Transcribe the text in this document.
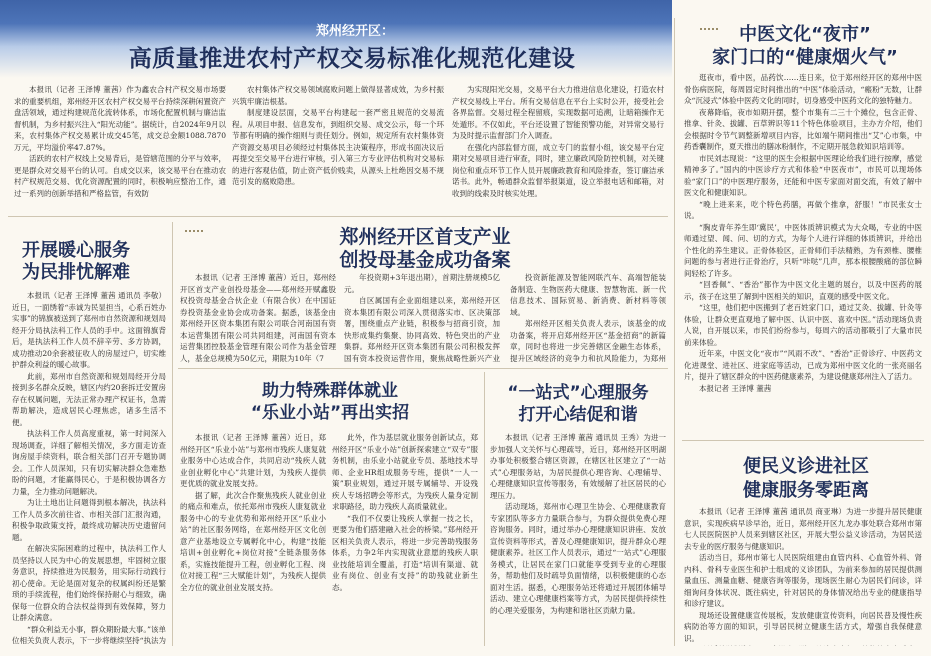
郑州经开区：
高质量推进农村产权交易标准化规范化建设

本报讯（记者 王泽博 董茜）作为鑫农合村产权交易市场要求的重要机组，郑州经开区农村产权交易平台持续深耕闲置资产盘活领域，通过构建规范化流转体系，市场化配置机制与廉洁监督机制，为乡村振兴注入“阳光动能”。据统计，自2024年9月以来，农村集体产权交易累计成交45笔，成交总金额1088.7870万元，平均溢价率47.87%。

活跃的农村产权线上交易背后，是管辖范围的分平与效率，更是群众对交易平台的认可。自成交以来，该交易平台在推动农村产权规范交易、优化资源配置的同时，积极响应整治工作，通过一系列的创新举措和严格监管，有效防

农村集体产权交易领域腐败问题上做得显著成效，为乡村振兴筑牢廉洁根基。

制度建设层面，交易平台构建起一套严密且规范的交易流程。从项目申报、信息发布，到组织交易、成交公示，每一个环节都有明确的操作细则与责任划分。例如，规定所有农村集体资产资源交易项目必须经过村集体民主决策程序，形成书面决议后再提交至交易平台进行审核，引入第三方专业评估机构对交易标的进行客观估值，防止资产低价贱卖，从源头上杜绝因交易不规范引发的腐败隐患。

为实现阳光交易，交易平台大力推进信息化建设，打造农村产权交易线上平台。所有交易信息在平台上实时公开，接受社会各界监督。交易过程全程留痕，实现数据可追溯，让暗箱操作无处遁形。不仅如此，平台还设置了智能预警功能，对异常交易行为及时提示监督部门介入调查。

在强化内部监督方面，成立专门的监督小组，该交易平台定期对交易项目进行审查，同时，建立廉政风险防控机制，对关键岗位和重点环节工作人员开展廉政教育和风险排查，签订廉洁承诺书。此外，畅通群众监督举报渠道，设立举报电话和邮箱，对收到的线索及时核实处理。

中医文化“夜市”
家门口的“健康烟火气”

逛夜市，看中医，品药饮……连日来，位于郑州经开区的郑州中医骨伤病医院，每周固定时间推出的“中医”体验活动，“瘢粉”无数，让群众“沉浸式”体验中医药文化的同时，切身感受中医药文化的独特魅力。

夜幕降临，夜市如期开摆，整个市集有二三十个摊位，包含正骨、推拿、针灸、拔罐、百草辨识等11个特色体验项目，主办方介绍，他们会根据时令节气调整新增项目内容，比如端午期间推出“艾”心市集，中药香囊制作，夏天推出的膳冰粉制作，不定期开展急救知识培训等。

市民刘志现说：“这里的医生会根据中医理论给我们进行按摩，感觉精神多了。”国内的中医诊疗方式和体验“中医夜市”，市民可以现场体验“家门口”的中医理疗服务，还能和中医专家面对面交流，有效了解中医文化和健康知识。

“晚上进来来，吃个特色药膳，再做个推拿，舒服！”市民张女士说。

“胸皮青年养生即‘冀民’，中医体质辨识模式为大众喝，专业的中医师通过望、闻、问、切的方式，为每个人进行详细的体质辨识，并给出个性化的养生建议。正骨体验区，正骨师们手法精熟，为有颈椎、腰椎问题的参与者进行正骨治疗，只听“咔哒”几声，那本根腰酸痛的部位瞬间轻松了许多。

“回香佩”、“香治”都作为中医文化主题的展台，以及中医药的展示，孩子在这里了解到中医相关的知识，直观的感受中医文化。

“这里，他们把中医搬到了老百姓家门口，通过艾灸、拔罐、针灸等体验，让群众更直观地了解中医、认识中医、喜欢中医。”活动现场负责人说，自开展以来，市民们纷纷参与，每周六的活动都吸引了大量市民前来体验。

近年来，中医文化“夜市”“风雨不改”、“香治”正骨诊疗、中医药文化进课堂、进社区、进家庭等活动，已成为郑州中医文化的一张亮丽名片，提升了辖区群众的中医药健康素养，为建设健康郑州注入了活力。

本报记者 王泽博 董茜

开展暖心服务
为民排忧解难

本报讯（记者 王泽博 董茜 通讯员 李敬）近日，一面绣着“赤诚为民显担当，心系百姓办实事”的锦旗被送到了郑州市自然资源和规划局经开分局执法科工作人员的手中。这面锦旗背后，是执法科工作人员不辞辛劳、多方协调，成功推动20余套被征收人的房屋过户，切实维护群众利益的暖心故事。

此前，郑州市自然资源和规划局经开分局接到多名群众反映，辖区内约20套拆迁安置房存在权属问题，无法正常办理产权证书，急需帮助解决，造成居民心理焦虑，诸多生活不便。

执法科工作人员高度重视，第一时间深入现场调查，详细了解相关情况，多方面走访查询房屋手续资料，联合相关部门召开专题协调会。工作人员深知，只有切实解决群众急难愁盼的问题，才能赢得民心，于是积极协调各方力量，全力推动问题解决。

为让土地出让问题得到根本解决，执法科工作人员多次前往省、市相关部门汇报沟通，积极争取政策支持，最终成功解决历史遗留问题。

在解决实际困难的过程中，执法科工作人员坚持以人民为中心的发展思想，牢固树立服务意识，持续推进为民服务，用实际行动践行初心使命。无论是面对复杂的权属纠纷还是繁琐的手续流程，他们始终保持耐心与细致，确保每一位群众的合法权益得到有效保障，努力让群众满意。

“群众利益无小事，群众期盼最大事。”该单位相关负责人表示，下一步将继续坚持“执法为

郑州经开区首支产业
创投母基金成功备案

本报讯（记者 王泽博 董茜）近日，郑州经开区首支产业创投母基金——郑州经开赋鑫股权投资母基金合伙企业（有限合伙）在中国证券投资基金业协会成功备案。据悉，该基金由郑州经开区资本集团有限公司联合河南国有资本运营集团有限公司共同组建，河南国有资本运营集团控股基金管理有限公司作为基金管理人，基金总规模为50亿元，期限为10年（7

年投资期+3年退出期），首期注册规模5亿元。

自区属国有企业面组建以来，郑州经开区资本集团有限公司深入贯彻落实市、区决策部署，围绕重点产业链，积极参与招商引资，加快形成集约集聚、协同高效、特色突出的产业集群。郑州经开区资本集团有限公司积极发挥国有资本投资运营作用，聚焦战略性新兴产业

投资新能源及智能网联汽车、高端智能装备制造、生物医药大健康、智慧物流、新一代信息技术、国际贸易、新消费、新材料等领域。

郑州经开区相关负责人表示，该基金的成功备案，将开启郑州经开区“基金招商”的新篇章，同时也将进一步完善辖区金融生态体系，提升区域经济的竞争力和抗风险能力，为郑州

助力特殊群体就业
“乐业小站”再出实招

本报讯（记者 王泽博 董茜）近日，郑州经开区“乐业小站”与郑州市残疾人康复就业服务中心达成合作，共同启动“残疾人就业创业孵化中心”共建计划，为残疾人提供更优质的就业发展支持。

据了解，此次合作聚焦残疾人就业创业的痛点和难点，依托郑州市残疾人康复就业服务中心的专业优势和郑州经开区“乐业小站”的社区服务网络，在郑州经开区文化创意产业基地设立专属孵化中心，构建“技能培训+创业孵化+岗位对接”全链条服务体系，实施技能提升工程，创业孵化工程、岗位对接工程“三大赋能计划”，为残疾人提供全方位的就业创业发展支持。

此外，作为基层就业服务创新试点，郑州经开区“乐业小站”创新探索建立“双专”服务机制，由乐业小站就业专员、基地技术导师、企业HR组成服务专班，提供“一人一策”职业规划，通过开展专属辅导、开设残疾人专场招聘会等形式，为残疾人量身定制求职路径，助力残疾人高质量就业。

“我们不仅要让残疾人掌握一技之长，更要为他们搭建融入社会的桥梁。”郑州经开区相关负责人表示，将进一步完善助残服务体系，力争2年内实现就业意愿的残疾人职业技能培训全覆盖，打造“培训有渠道、就业有岗位、创业有支持”的助残就业新生态。

“一站式”心理服务
打开心结促和谐

本报讯（记者 王泽博 董茜 通讯员 王秀）为进一步加强人文关怀与心理疏导，近日，郑州经开区明湖办事处积极整合辖区资源，在辖区社区建立了“一站式”心理服务站，为居民提供心理咨询、心理辅导、心理健康知识宣传等服务，有效缓解了社区居民的心理压力。

活动现场，郑州市心理卫生协会、心理健康教育专家团队等多方力量联合参与，为群众提供免费心理咨询服务。同时，通过举办心理健康知识讲座、发放宣传资料等形式，普及心理健康知识，提升群众心理健康素养。社区工作人员表示，通过“一站式”心理服务模式，让居民在家门口就能享受到专业的心理服务，帮助他们及时疏导负面情绪，以积极健康的心态面对生活。据悉，心理服务站还将通过开展团体辅导活动、建立心理健康档案等方式，为居民提供持续性的心理关爱服务，为构建和谐社区贡献力量。

便民义诊进社区
健康服务零距离

本报讯（记者 王泽博 董茜 通讯员 商亚琳）为进一步提升居民健康意识，实现疾病早诊早治，近日，郑州经开区九龙办事处联合郑州市第七人民医院医护人员来到辖区社区，开展大型公益义诊活动，为居民送去专业的医疗服务与健康知识。

活动当日，郑州市第七人民医院组建由血管内科、心血管外科、肾内科、骨科专业医生和护士组成的义诊团队，为前来参加的居民提供测量血压、测量血糖、健康咨询等服务，现场医生耐心为居民们问诊，详细询问身体状况、既往病史，针对居民的身体情况给出专业的健康指导和诊疗建议。

现场还设置健康宣传展板，发放健康宣传资料，向居民普及慢性疾病防治等方面的知识，引导居民树立健康生活方式，增强自我保健意识。
